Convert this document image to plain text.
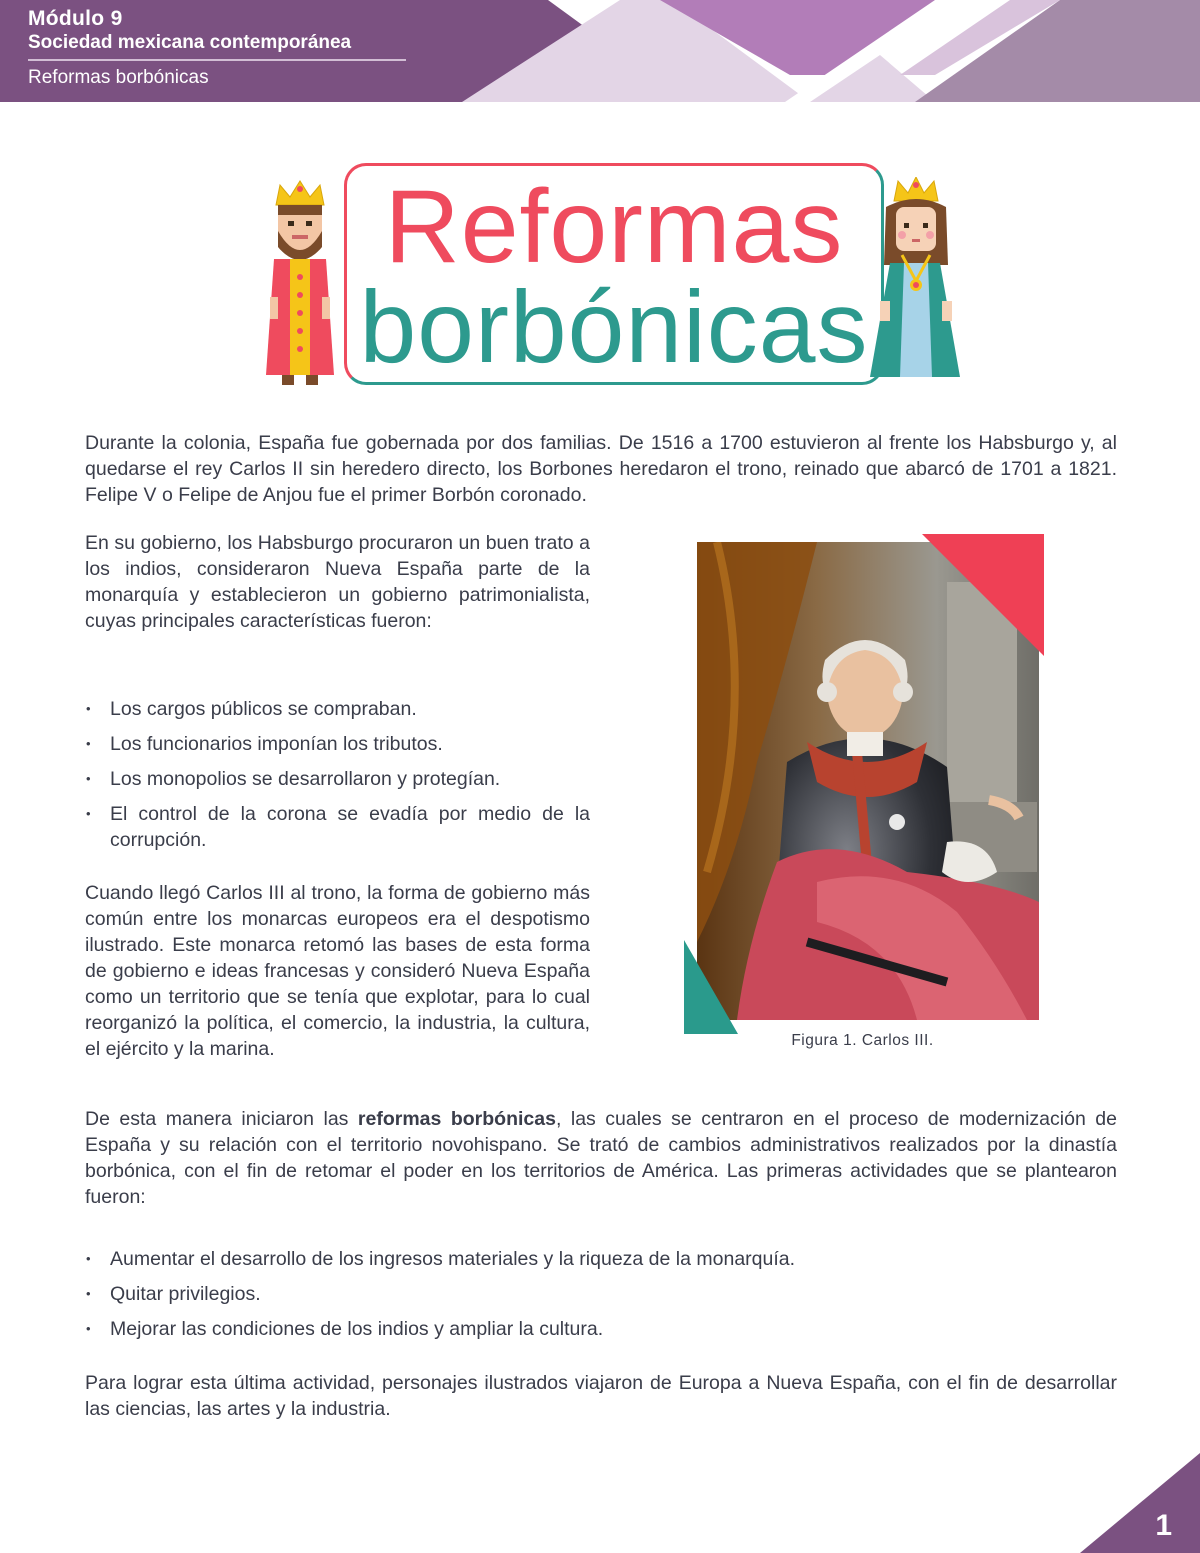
Módulo 9
Sociedad mexicana contemporánea
Reformas borbónicas
Reformas
borbónicas

Durante la colonia, España fue gobernada por dos familias. De 1516 a 1700 estuvieron al frente los Habsburgo y, al quedarse el rey Carlos II sin heredero directo, los Borbones heredaron el trono, reinado que abarcó de 1701 a 1821. Felipe V o Felipe de Anjou fue el primer Borbón coronado.

En su gobierno, los Habsburgo procuraron un buen trato a los indios, consideraron Nueva España parte de la monarquía y establecieron un gobierno patrimonialista, cuyas principales características fueron:

• Los cargos públicos se compraban.
• Los funcionarios imponían los tributos.
• Los monopolios se desarrollaron y protegían.
• El control de la corona se evadía por medio de la corrupción.

Cuando llegó Carlos III al trono, la forma de gobierno más común entre los monarcas europeos era el despotismo ilustrado. Este monarca retomó las bases de esta forma de gobierno e ideas francesas y consideró Nueva España como un territorio que se tenía que explotar, para lo cual reorganizó la política, el comercio, la industria, la cultura, el ejército y la marina.	Figura 1. Carlos III.

De esta manera iniciaron las reformas borbónicas, las cuales se centraron en el proceso de modernización de España y su relación con el territorio novohispano. Se trató de cambios administrativos realizados por la dinastía borbónica, con el fin de retomar el poder en los territorios de América. Las primeras actividades que se plantearon fueron:

• Aumentar el desarrollo de los ingresos materiales y la riqueza de la monarquía.
• Quitar privilegios.
• Mejorar las condiciones de los indios y ampliar la cultura.

Para lograr esta última actividad, personajes ilustrados viajaron de Europa a Nueva España, con el fin de desarrollar las ciencias, las artes y la industria.

1
